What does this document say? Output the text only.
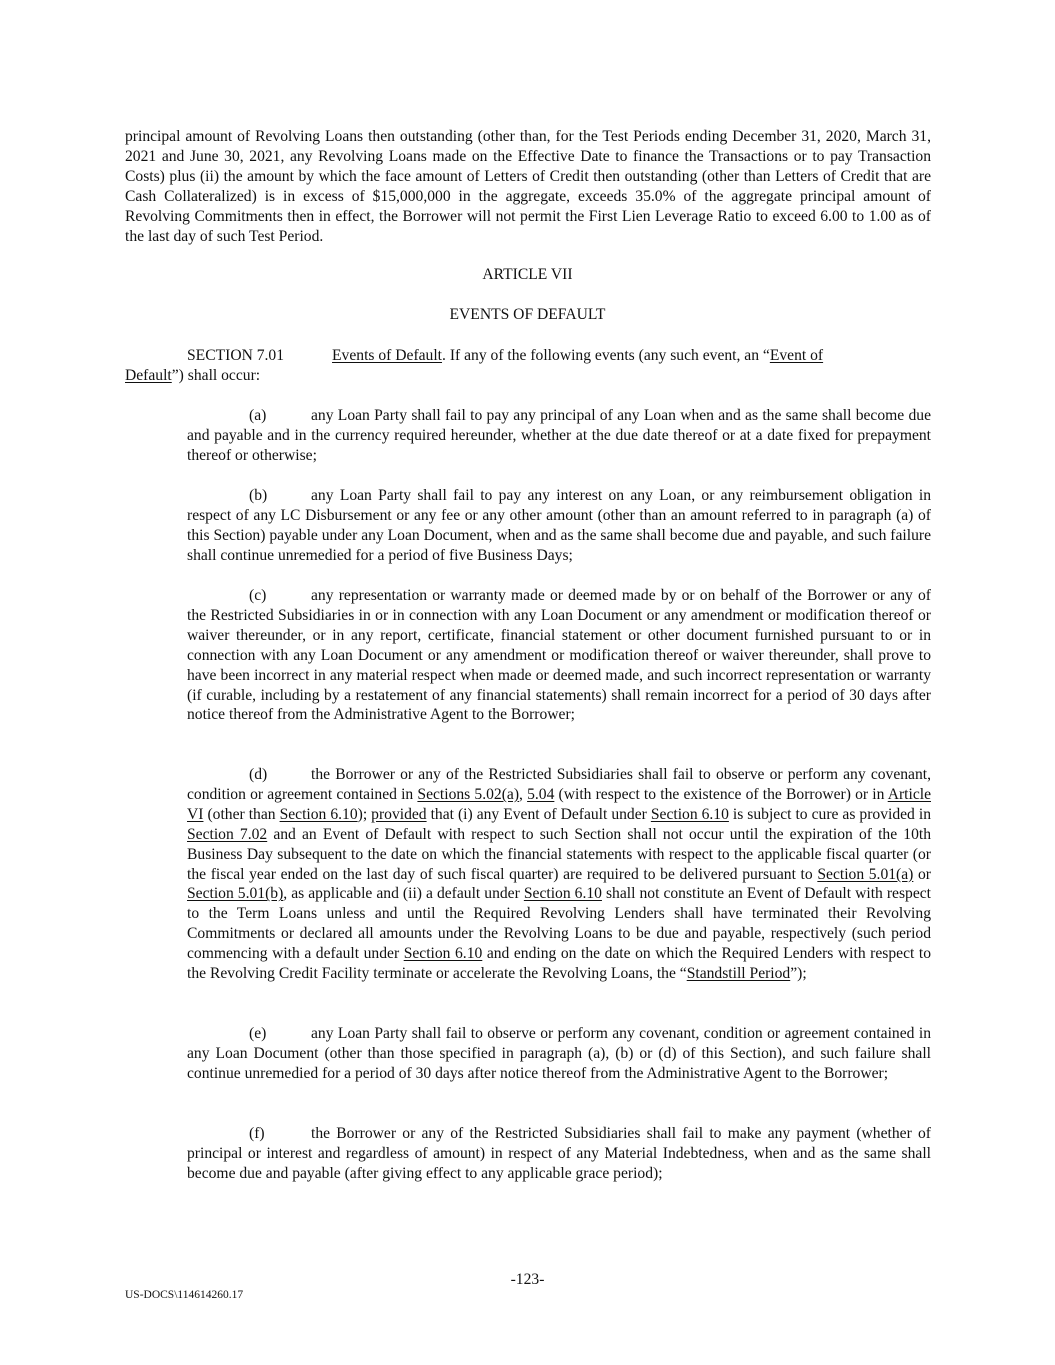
principal amount of Revolving Loans then outstanding (other than, for the Test Periods ending December 31, 2020, March 31, 2021 and June 30, 2021, any Revolving Loans made on the Effective Date to finance the Transactions or to pay Transaction Costs) plus (ii) the amount by which the face amount of Letters of Credit then outstanding (other than Letters of Credit that are Cash Collateralized) is in excess of $15,000,000 in the aggregate, exceeds 35.0% of the aggregate principal amount of Revolving Commitments then in effect, the Borrower will not permit the First Lien Leverage Ratio to exceed 6.00 to 1.00 as of the last day of such Test Period.
ARTICLE VII
EVENTS OF DEFAULT
SECTION 7.01	Events of Default. If any of the following events (any such event, an “Event of
Default”) shall occur:
(a)	any Loan Party shall fail to pay any principal of any Loan when and as the same shall become due and payable and in the currency required hereunder, whether at the due date thereof or at a date fixed for prepayment thereof or otherwise;
(b)	any Loan Party shall fail to pay any interest on any Loan, or any reimbursement obligation in respect of any LC Disbursement or any fee or any other amount (other than an amount referred to in paragraph (a) of this Section) payable under any Loan Document, when and as the same shall become due and payable, and such failure shall continue unremedied for a period of five Business Days;
(c)	any representation or warranty made or deemed made by or on behalf of the Borrower or any of the Restricted Subsidiaries in or in connection with any Loan Document or any amendment or modification thereof or waiver thereunder, or in any report, certificate, financial statement or other document furnished pursuant to or in connection with any Loan Document or any amendment or modification thereof or waiver thereunder, shall prove to have been incorrect in any material respect when made or deemed made, and such incorrect representation or warranty (if curable, including by a restatement of any financial statements) shall remain incorrect for a period of 30 days after notice thereof from the Administrative Agent to the Borrower;
(d)	the Borrower or any of the Restricted Subsidiaries shall fail to observe or perform any covenant, condition or agreement contained in Sections 5.02(a), 5.04 (with respect to the existence of the Borrower) or in Article VI (other than Section 6.10); provided that (i) any Event of Default under Section 6.10 is subject to cure as provided in Section 7.02 and an Event of Default with respect to such Section shall not occur until the expiration of the 10th Business Day subsequent to the date on which the financial statements with respect to the applicable fiscal quarter (or the fiscal year ended on the last day of such fiscal quarter) are required to be delivered pursuant to Section 5.01(a) or Section 5.01(b), as applicable and (ii) a default under Section 6.10 shall not constitute an Event of Default with respect to the Term Loans unless and until the Required Revolving Lenders shall have terminated their Revolving Commitments or declared all amounts under the Revolving Loans to be due and payable, respectively (such period commencing with a default under Section 6.10 and ending on the date on which the Required Lenders with respect to the Revolving Credit Facility terminate or accelerate the Revolving Loans, the “Standstill Period”);
(e)	any Loan Party shall fail to observe or perform any covenant, condition or agreement contained in any Loan Document (other than those specified in paragraph (a), (b) or (d) of this Section), and such failure shall continue unremedied for a period of 30 days after notice thereof from the Administrative Agent to the Borrower;
(f)	the Borrower or any of the Restricted Subsidiaries shall fail to make any payment (whether of principal or interest and regardless of amount) in respect of any Material Indebtedness, when and as the same shall become due and payable (after giving effect to any applicable grace period);
-123-
US-DOCS\114614260.17
